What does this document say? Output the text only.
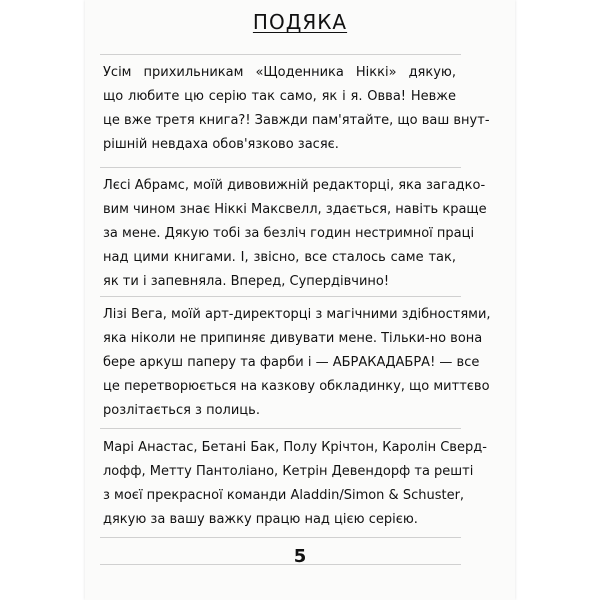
ПОДЯКА
Усім прихильникам «Щоденника Ніккі» дякую,
що любите цю серію так само, як і я. Овва! Невже
це вже третя книга?! Завжди пам'ятайте, що ваш внут-
рішній невдаха обов'язково засяє.
Лєсі Абрамс, моїй дивовижній редакторці, яка загадко-
вим чином знає Ніккі Максвелл, здається, навіть краще
за мене. Дякую тобі за безліч годин нестримної праці
над цими книгами. І, звісно, все сталось саме так,
як ти і запевняла. Вперед, Супердівчино!
Лізі Вега, моїй арт-директорці з магічними здібностями,
яка ніколи не припиняє дивувати мене. Тільки-но вона
бере аркуш паперу та фарби і — АБРАКАДАБРА! — все
це перетворюється на казкову обкладинку, що миттєво
розлітається з полиць.
Марі Анастас, Бетані Бак, Полу Крічтон, Каролін Сверд-
лофф, Метту Пантоліано, Кетрін Девендорф та решті
з моєї прекрасної команди Aladdin/Simon & Schuster,
дякую за вашу важку працю над цією серією.
5
